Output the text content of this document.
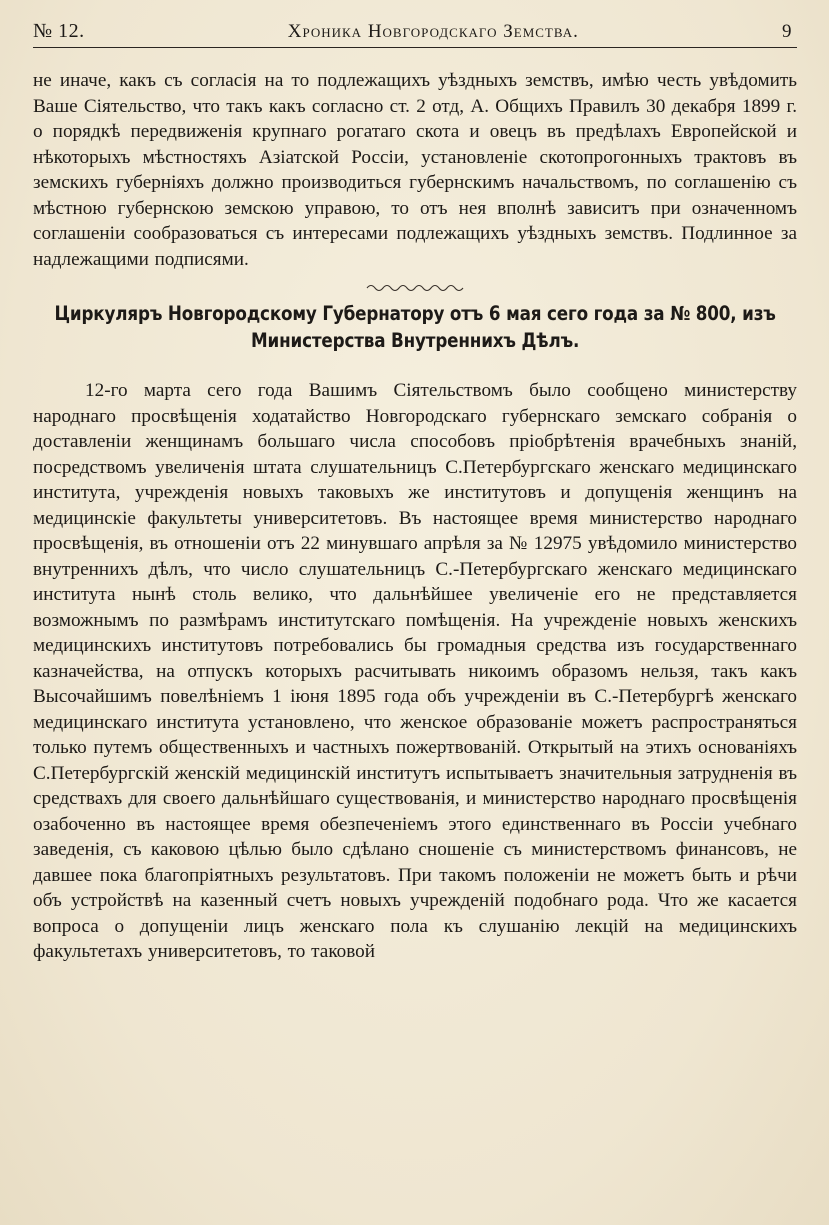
№ 12.	Хроника Новгородскаго Земства.	9

не иначе, какъ съ согласія на то подлежащихъ уѣздныхъ земствъ, имѣю честь увѣдомить Ваше Сіятельство, что такъ какъ согласно ст. 2 отд, А. Общихъ Правилъ 30 декабря 1899 г. о порядкѣ передвиженія крупнаго рогатаго скота и овецъ въ предѣлахъ Европейской и нѣкоторыхъ мѣстностяхъ Азіатской Россіи, установленіе скотопрогонныхъ трактовъ въ земскихъ губерніяхъ должно производиться губернскимъ начальствомъ, по соглашенію съ мѣстною губернскою земскою управою, то отъ нея вполнѣ зависитъ при означенномъ соглашеніи сообразоваться съ интересами подлежащихъ уѣздныхъ земствъ. Подлинное за надлежащими подписями.

Циркуляръ Новгородскому Губернатору отъ 6 мая сего года за № 800, изъ Министерства Внутреннихъ Дѣлъ.

12-го марта сего года Вашимъ Сіятельствомъ было сообщено министерству народнаго просвѣщенія ходатайство Новгородскаго губернскаго земскаго собранія о доставленіи женщинамъ большаго числа способовъ пріобрѣтенія врачебныхъ знаній, посредствомъ увеличенія штата слушательницъ С.Петербургскаго женскаго медицинскаго института, учрежденія новыхъ таковыхъ же институтовъ и допущенія женщинъ на медицинскіе факультеты университетовъ. Въ настоящее время министерство народнаго просвѣщенія, въ отношеніи отъ 22 минувшаго апрѣля за № 12975 увѣдомило министерство внутреннихъ дѣлъ, что число слушательницъ С.-Петербургскаго женскаго медицинскаго института нынѣ столь велико, что дальнѣйшее увеличеніе его не представляется возможнымъ по размѣрамъ институтскаго помѣщенія. На учрежденіе новыхъ женскихъ медицинскихъ институтовъ потребовались бы громадныя средства изъ государственнаго казначейства, на отпускъ которыхъ расчитывать никоимъ образомъ нельзя, такъ какъ Высочайшимъ повелѣніемъ 1 іюня 1895 года объ учрежденіи въ С.-Петербургѣ женскаго медицинскаго института установлено, что женское образованіе можетъ распространяться только путемъ общественныхъ и частныхъ пожертвованій. Открытый на этихъ основаніяхъ С.Петербургскій женскій медицинскій институтъ испытываетъ значительныя затрудненія въ средствахъ для своего дальнѣйшаго существованія, и министерство народнаго просвѣщенія озабоченно въ настоящее время обезпеченіемъ этого единственнаго въ Россіи учебнаго заведенія, съ каковою цѣлью было сдѣлано сношеніе съ министерствомъ финансовъ, не давшее пока благопріятныхъ результатовъ. При такомъ положеніи не можетъ быть и рѣчи объ устройствѣ на казенный счетъ новыхъ учрежденій подобнаго рода. Что же касается вопроса о допущеніи лицъ женскаго пола къ слушанію лекцій на медицинскихъ факультетахъ университетовъ, то таковой
